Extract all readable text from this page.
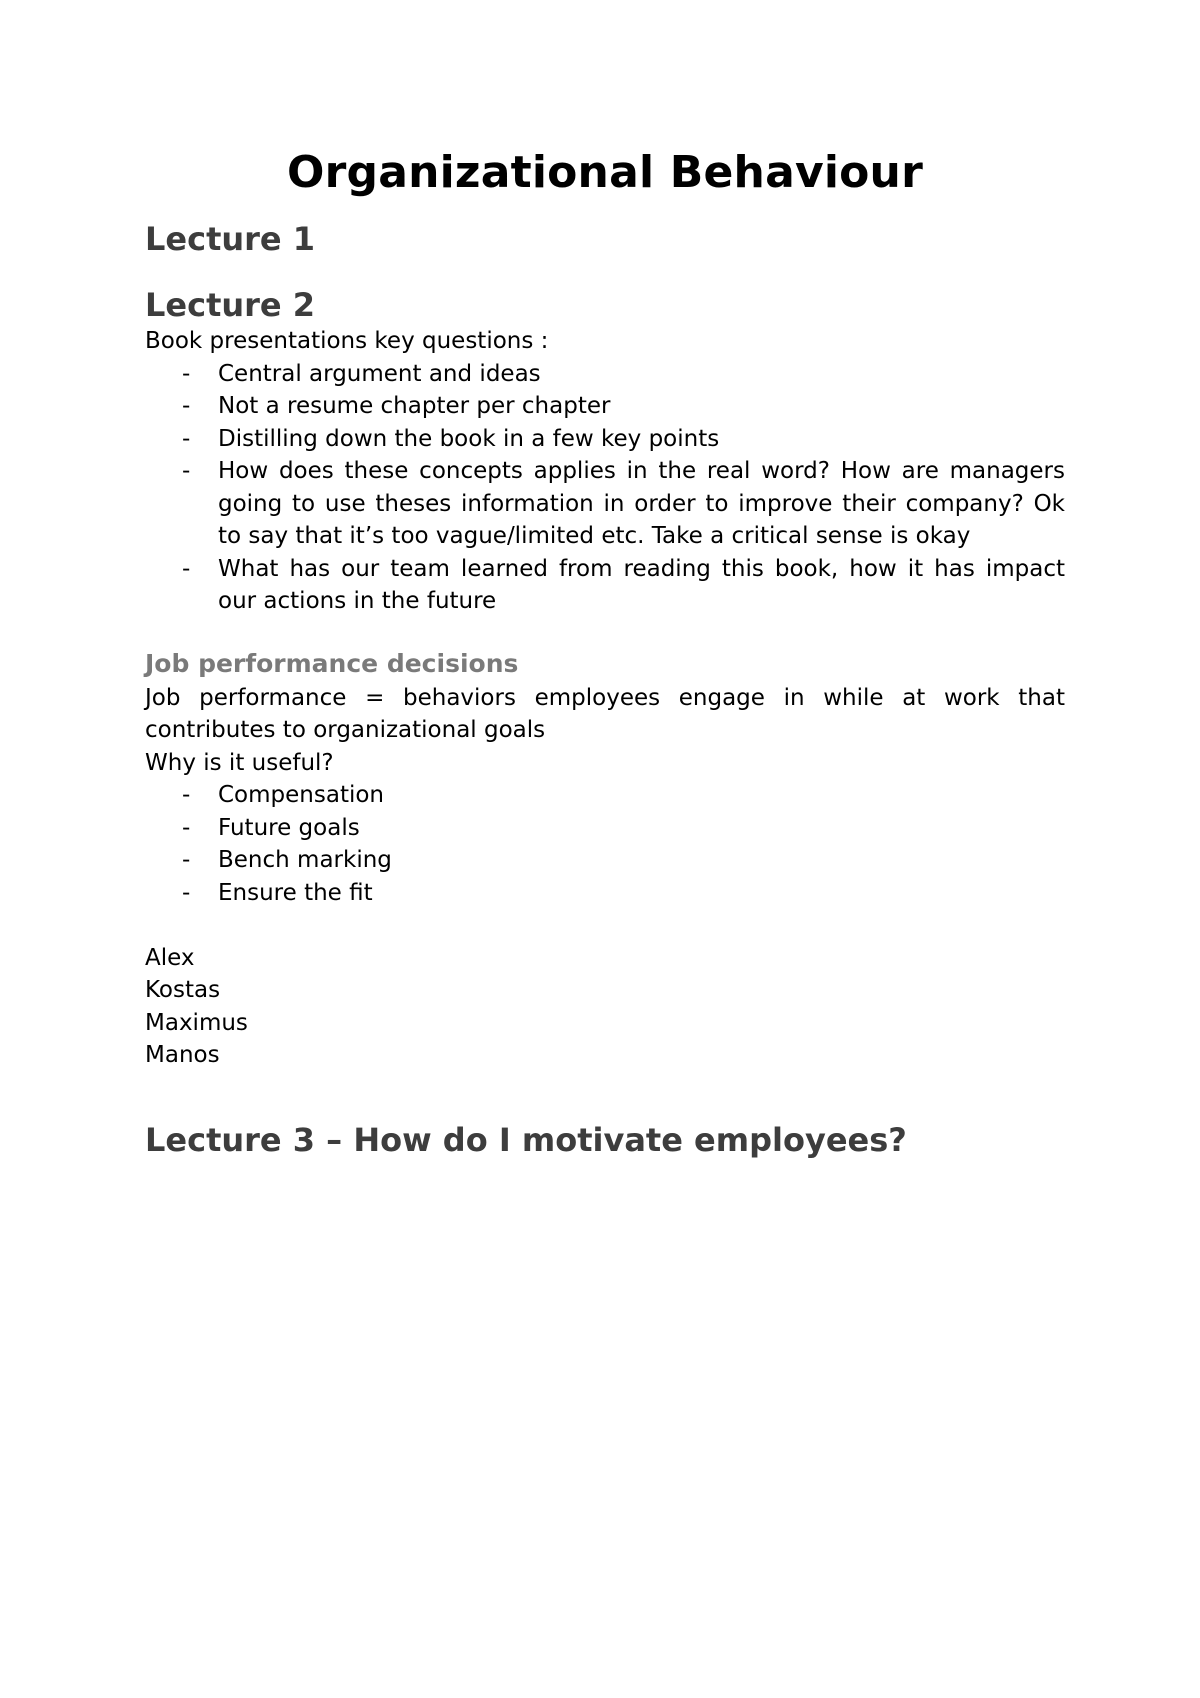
Organizational Behaviour
Lecture 1
Lecture 2

Book presentations key questions :

- Central argument and ideas
- Not a resume chapter per chapter
- Distilling down the book in a few key points
- How does these concepts applies in the real word? How are managers going to use theses information in order to improve their company? Ok to say that it’s too vague/limited etc. Take a critical sense is okay
- What has our team learned from reading this book, how it has impact our actions in the future
Job performance decisions

Job performance = behaviors employees engage in while at work that contributes to organizational goals

Why is it useful?

- Compensation
- Future goals
- Bench marking
- Ensure the fit

Alex

Kostas

Maximus

Manos

Lecture 3 – How do I motivate employees?
